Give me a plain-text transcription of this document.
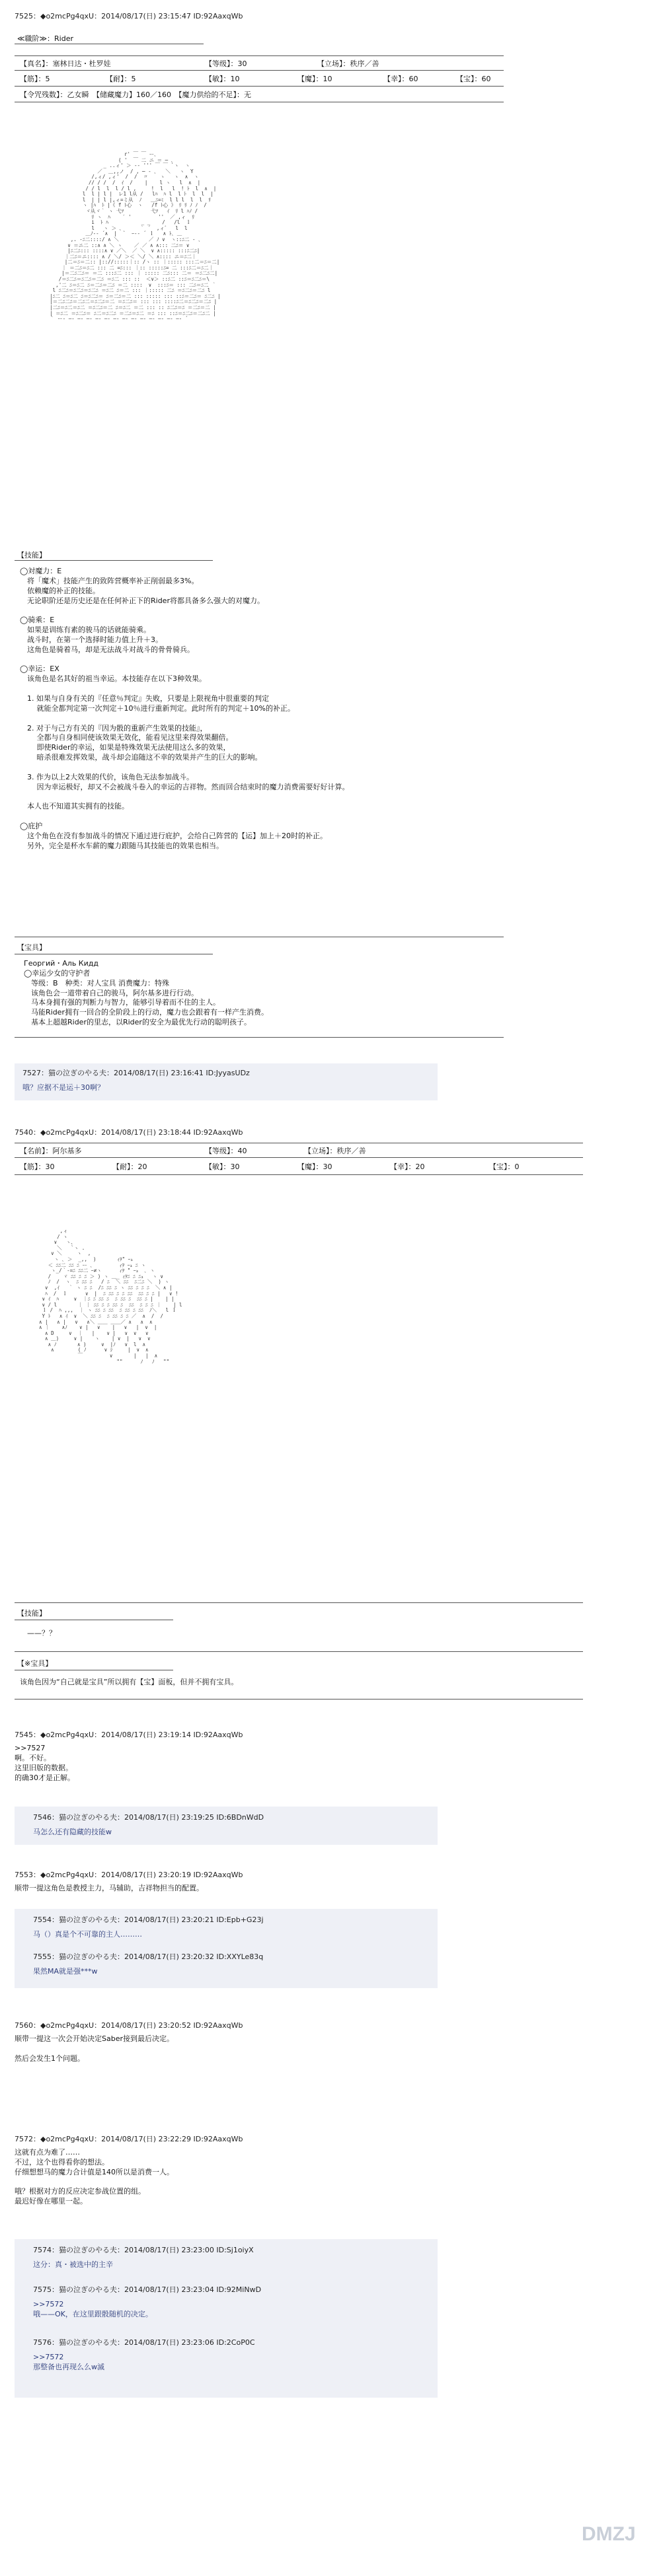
7525：◆o2mcPg4qxU：2014/08/17(日) 23:15:47 ID:92AaxqWb
≪職阶≫：Rider
【真名】：塞林日达・杜罗娃	【等级】：30	【立场】：秩序／善
【筋】：5	【耐】：5	【敏】：10	【魔】：10	【幸】：60	【宝】：60
【令咒残数】：乙女瞬　【储藏魔力】160／160　【魔力供给的不足】：无
r' ￣ ￣ ー､
( '  ￣ 二 ニ ＝ ─ ､
_ ..ィ' ＞ -‐ ''' ￣ ￣ `ヽ  ヽ
／  ＿,,ノ  / , ─ ‐ ､   ＼   ヽ  Y
/,ィ/ ,ィ'  /  /  〃    ヽ   ヽ  ∧  ヽ
// / /  /  ｲ  /    |    l ヽ   l  ∧  |
/ / l  l  l / l ,     !  l   l  ! ﾄ  l  ∧  |
l  l | l |  レ1 l从 /   lﾊ  ﾊ l  l ﾄ  l  l  |
l  | | l |,ィ=ミ从  ﾉ   ＿ﾆ=ﾐ  l l l  l  l  ﾘ
ヽ |ﾊ  ﾄ |《 f ﾄ心  ヽ   /f ﾄ心 》 ﾘ ﾘ ﾉ ﾉ  /
ヾ从ヾ｀ ヽ 弋ﾂ         弋ﾂ   ｲ  ﾘ l ﾊﾉ /
ﾘ ヽ  ﾊ    ′ '         ''  ／ ,ィ  ﾘ
i  ﾄ ﾊ           _ _    /   /l  ｌ
l   ヽ ＞ ､      ｀ ´  ,ィ゛  l  l
＿ﾉ-‐ ´∧  |  `  ｰ-‐ ´ ｌ   ∧ ﾄ､ ＿
,. ‐ﾆ二::::/ ∧ ＼          ／ ﾉ ∨  ヽ::ﾆ二 ‐ ､
∨ ＝ニ二 ::∧ ∧ ＼ ヽ    ／ ／ ∧ ∧::: 二ﾆ＝ ∨
|ﾆ二ﾆ::: ::::∧ ∨ ／＼  ／ ＼  ∨ ∧::::: :::ﾆ二ﾆ|
｜二ﾆ＝ニ:::: ∧ / ＼/ ＞＜ ＼/ ＼ ∧:::: ニ＝ﾆ二｜
|二＝ﾆ＝二:: |:://:::::｜:: /ヽ :: ｜::::: :::二＝ﾆ＝二|
｜ ＝二ﾆ＝ﾆ二 ::: 二 =ﾆ::: ｜:: :::::ﾆ= 二 :::ﾆ二＝ﾆ二｜
|＝二ﾆ二ﾆ＝ ＝二 :::ﾆ二 ::: ｜ ::::: 二ﾆ::: 二＝ ＝ﾆ二ﾆ二|
/＝ﾆ二ﾆ＝ﾆ二ﾆ＝二ﾆ ＝ﾆ二 ::: ::  ＜∨＞ ::ﾆ二 ::ﾆ＝ﾆ二ﾆ＝\
,'二 ﾆ＝ﾆ二 ﾆ＝二ﾆ＝二ﾆ ＝二 ::::  ∨  :::ﾆ＝ ::: 二ﾆ＝ﾆ二 ｀
l ﾆ二ﾆ＝ﾆ二ﾆ＝ﾆ二ﾆ ＝ﾆ二 ﾆ＝二 ::: ｜::::: 二ﾆ ＝ﾆ二ﾆ＝二ﾆ l
|ﾆ二 ﾆ＝ﾆ二 ﾆ＝ﾆ二ﾆ＝ ﾆ＝二ﾆ＝二 ::: ::::: ::: ::ﾆ＝二ﾆ＝ ﾆ二ﾆ |
|＝二ﾆ二ﾆ＝二ﾆ二＝ﾆ二ﾆ＝二 ＝ﾆ二ﾆ＝ ::: ::: ::::ﾆ二＝ﾆ二ﾆ＝二ﾆ |
|二ﾆ＝ﾆ二＝ﾆ二 ＝ﾆ二ﾆ＝二 ﾆ＝ﾆ二 ＝二 ::: :: ﾆ二ﾆ＝ﾆ ＝二ﾆ＝二 |
| ＝ﾆ二 ＝ﾆ二ﾆ＝ ﾆ二＝ﾆ二ﾆ ＝二ﾆ＝ﾆ二 ＝ﾆ ::: ::ﾆ＝ﾆ二ﾆ＝二ﾆ二 |
｀ ー‐ ―‐ ―‐ ―‐ ―‐ ―‐ ―‐ ―‐ ―‐ ―‐ ―‐ ―‐ ―‐ ―‐ ´
【技能】
◯対魔力：E
　将「魔术」技能产生的致阵营概率补正削弱最多3%。
　依赖魔的补正的技能。
　无论职阶还是历史还是在任何补正下的Rider将都具备多么强大的对魔力。

◯骑乘：E
　如果是训练有素的骏马的话就能骑乘。
　战斗时，在第一个选择时能力值上升＋3。
　这角色是骑着马，却是无法战斗对战斗的骨骨骑兵。

◯幸运：EX
　该角色是名其好的祖当幸运。本技能存在以下3种效果。

　1. 如果与自身有关的『任意％判定』失败，只要是上限视角中很重要的判定
　　 就能全都判定第一次判定＋10％进行重新判定。此时所有的判定＋10%的补正。

　2. 对于与己方有关的『因为骰的重新产生效果的技能』，
　　 全都与自身相同使该效果无效化，能看见这里来得效果翻倍。
　　 即使Rider的幸运，如果是特殊效果无法使用这么多的效果，
　　 暗杀很难发挥效果，战斗却会追随这不幸的效果并产生的巨大的影响。

　3. 作为以上2大效果的代价，该角色无法参加战斗。
　　 因为幸运极好，却又不会被战斗卷入的幸运的吉祥物。然而回合结束时的魔力消费需要好好计算。

　本人也不知道其实拥有的技能。

◯庇护
　这个角色在没有参加战斗的情况下通过进行庇护，会给自己阵营的【运】加上＋20时的补正。
　另外，完全是杯水车薪的魔力跟随马其技能也的效果也相当。
【宝具】
Георгий・Аль Кидд
◯幸运少女的守护者
　等级：B　种类：对人宝具 消费魔力：特殊
　该角色会一道带着自己的骏马，阿尔基多进行行动。
　马本身拥有强的判断力与智力，能够引导着而不住的主人。
　马能Rider拥有一回合的全阶段上的行动，魔力也会跟着有一样产生消费。
　基本上超越Rider的里志，以Rider的安全为最优先行动的聪明孩子。
7527：猫の泣ぎのやる夫：2014/08/17(日) 23:16:41 ID:JyyasUDz
哦？应据不是运＋30啊？
7540：◆o2mcPg4qxU：2014/08/17(日) 23:18:44 ID:92AaxqWb
【名前】：阿尔基多	【等级】：40	【立场】：秩序／善
【筋】：30	【耐】：20	【敏】：30	【魔】：30	【幸】：20	【宝】：0
,ィ
/ ヽ
∨   ヽ、
＼   `ヽ .
∨ ＼     ヽ  ,
ヽ ､ ＞  _,,  )       ｨｦ" ｰｭ
＜ ﾆﾆ二 ﾆﾆ ﾆ ー ､         ｨｦ ｰｭ ﾆ ヽ
ヽ_/｀-=ﾆ ﾆﾆ二 ｰ≠ヽ      ｨｦ " ｰｭ  ､ ヽ
/    ヾ ﾆﾆ ﾆ ﾆ ＞ ) ヽ ＿_ ｨｦﾆ ﾆ ﾆｭ   ヽ ∨
ﾉ  /  ヽ  ﾆ ﾆﾆ ﾆ   / ﾆ  ＼ ﾆﾆ  ﾆ二ﾆ ＼  ) ヽ
∨  ,ｲ   ｀ ヽ ﾆ ﾆ  /ﾆ ﾆﾆ ﾆ ヽ ﾆﾆ ﾆ ﾆ ﾆ  ＼ ∧ |
ﾊ  /  ｌ      ∨  |  ﾆ ﾆﾆ ﾆ ﾆ ﾆﾆ  ﾆﾆ ﾆ ﾆ |   ∨ !
∨ ｲ  ﾊ     ∨  ｜ﾆ ﾆ ﾆﾆ ﾆ  ﾆ ﾆﾆ ﾆ  ﾆﾆ ﾆ |    | |
∨ / l       ｜ ｜ ﾆﾆ ﾆ ﾆ ﾆﾆ ﾆ  ﾆﾆ  ﾆ ﾆ ﾆ ｜    | l
ｌ /  ﾊ ,,,  ｜ ヽ ﾆﾆ ﾆ ﾆﾆ  ﾆ ﾆﾆ ﾆ ﾆﾆ  ﾉ＼   l ｌ
Y ﾄ   ∧ ｲ  ∨  ＼ ﾆﾆ ﾆ  ﾆ ﾆﾆ ﾆ ﾆ ／  ∧  /  /
∧ |   ∧ |   ∨   ∧＼ ＿＿ ＿＿／ ∧   ∧  ∧
∧ ｜    ∧ﾉ    ∨ |   ∨    |   ∨   |  ∨  |
∧ D     ∨  ｜   |    ∨ |   ∨  ∨   ∨
∧ ＿)     ∨ |    ヽ    | ∨  |   ∨  ∨
∧ ﾉ       ∧ )     ∨  |ﾉ   ∨  l  ∧
∧        ( ﾉ      ∨ ｼ     |  ∨  ∧
￣         ∨       |   |  ∧
""      ﾉ   ﾉ   ""
【技能】
　——？？
【※宝具】
该角色因为“自己就是宝具”所以拥有【宝】面板，但并不拥有宝具。
7545：◆o2mcPg4qxU：2014/08/17(日) 23:19:14 ID:92AaxqWb
>>7527
啊。不好。
这里旧版的数据。
的确30才是正解。
7546：猫の泣ぎのやる夫：2014/08/17(日) 23:19:25 ID:6BDnWdD
马怎么还有隐藏的技能w
7553：◆o2mcPg4qxU：2014/08/17(日) 23:20:19 ID:92AaxqWb
顺带一提这角色是教授主力，马辅助，吉祥物担当的配置。
7554：猫の泣ぎのやる夫：2014/08/17(日) 23:20:21 ID:Epb+G23j
马（）真是个不可靠的主人………
7555：猫の泣ぎのやる夫：2014/08/17(日) 23:20:32 ID:XXYLe83q
果然MA就是强***w
7560：◆o2mcPg4qxU：2014/08/17(日) 23:20:52 ID:92AaxqWb
顺带一提这一次会开始决定Saber接到最后决定。

然后会发生1个问题。
7572：◆o2mcPg4qxU：2014/08/17(日) 23:22:29 ID:92AaxqWb
这就有点为难了……
不过，这个也得看你的想法。
仔细想想马的魔力合计值是140所以是消费一人。

哦？根据对方的反应决定参战位置的组。
最迟好像在哪里一起。
7574：猫の泣ぎのやる夫：2014/08/17(日) 23:23:00 ID:Sj1oiyX
这分：真・被选中的主辛
7575：猫の泣ぎのやる夫：2014/08/17(日) 23:23:04 ID:92MiNwD
>>7572
哦——OK，在这里跟骰随机的决定。
7576：猫の泣ぎのやる夫：2014/08/17(日) 23:23:06 ID:2CoP0C
>>7572
那整备也再现么么w滅
DMZJ
